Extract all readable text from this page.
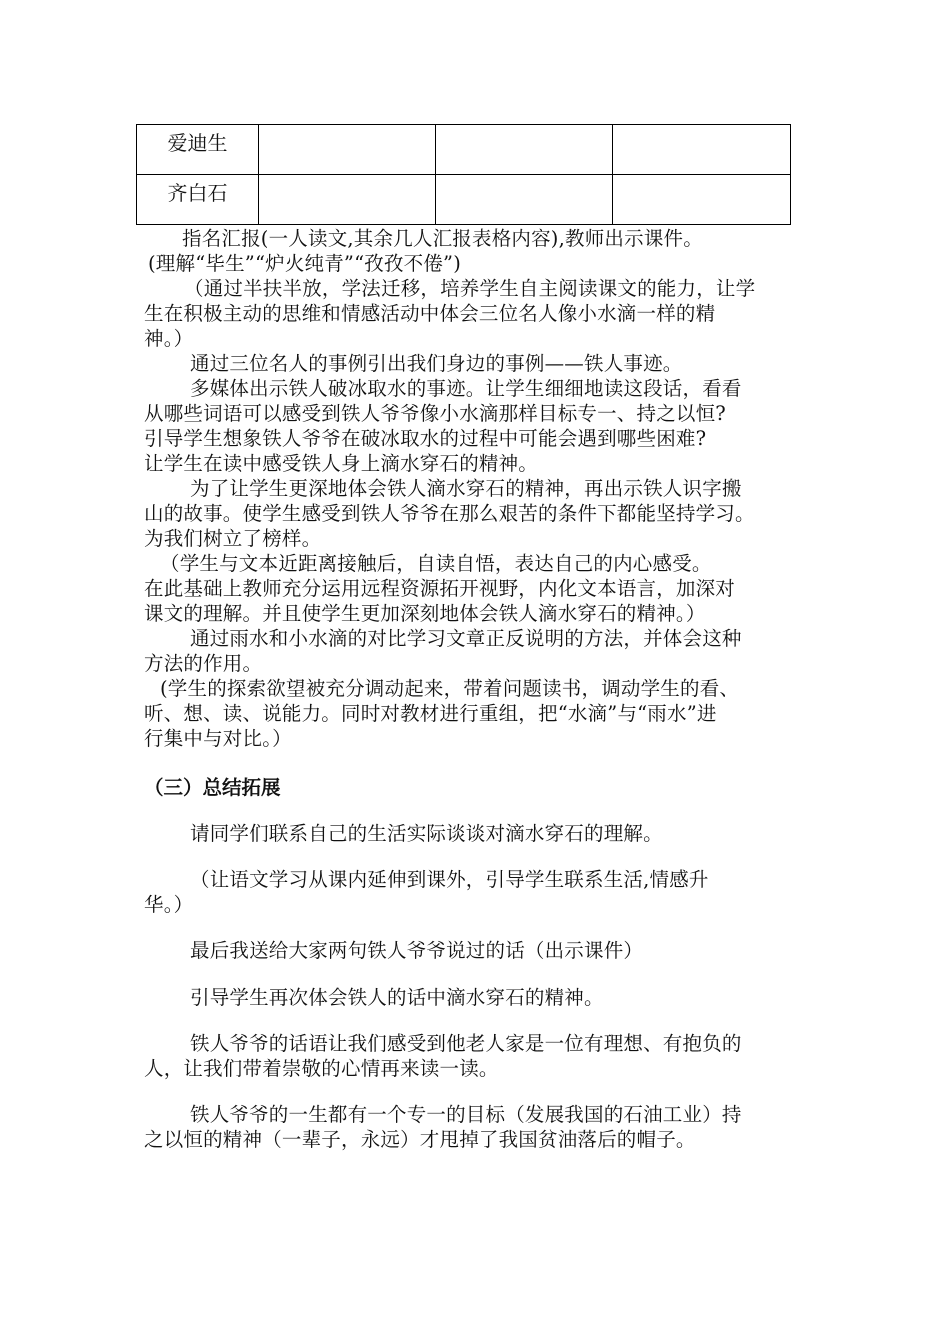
爱迪生			
齐白石			
指名汇报(一人读文,其余几人汇报表格内容),教师出示课件。
(理解“毕生”“炉火纯青”“孜孜不倦”)
（通过半扶半放，学法迁移，培养学生自主阅读课文的能力，让学
生在积极主动的思维和情感活动中体会三位名人像小水滴一样的精
神。）
通过三位名人的事例引出我们身边的事例——铁人事迹。
多媒体出示铁人破冰取水的事迹。让学生细细地读这段话，看看
从哪些词语可以感受到铁人爷爷像小水滴那样目标专一、持之以恒?
引导学生想象铁人爷爷在破冰取水的过程中可能会遇到哪些困难?
让学生在读中感受铁人身上滴水穿石的精神。
为了让学生更深地体会铁人滴水穿石的精神，再出示铁人识字搬
山的故事。使学生感受到铁人爷爷在那么艰苦的条件下都能坚持学习。
为我们树立了榜样。
（学生与文本近距离接触后，自读自悟，表达自己的内心感受。
在此基础上教师充分运用远程资源拓开视野，内化文本语言，加深对
课文的理解。并且使学生更加深刻地体会铁人滴水穿石的精神。）
通过雨水和小水滴的对比学习文章正反说明的方法，并体会这种
方法的作用。
(学生的探索欲望被充分调动起来，带着问题读书，调动学生的看、
听、想、读、说能力。同时对教材进行重组，把“水滴”与“雨水”进
行集中与对比。）
（三）总结拓展
请同学们联系自己的生活实际谈谈对滴水穿石的理解。
（让语文学习从课内延伸到课外，引导学生联系生活,情感升
华。）
最后我送给大家两句铁人爷爷说过的话（出示课件）
引导学生再次体会铁人的话中滴水穿石的精神。
铁人爷爷的话语让我们感受到他老人家是一位有理想、有抱负的
人，让我们带着崇敬的心情再来读一读。
铁人爷爷的一生都有一个专一的目标（发展我国的石油工业）持
之以恒的精神（一辈子，永远）才甩掉了我国贫油落后的帽子。
